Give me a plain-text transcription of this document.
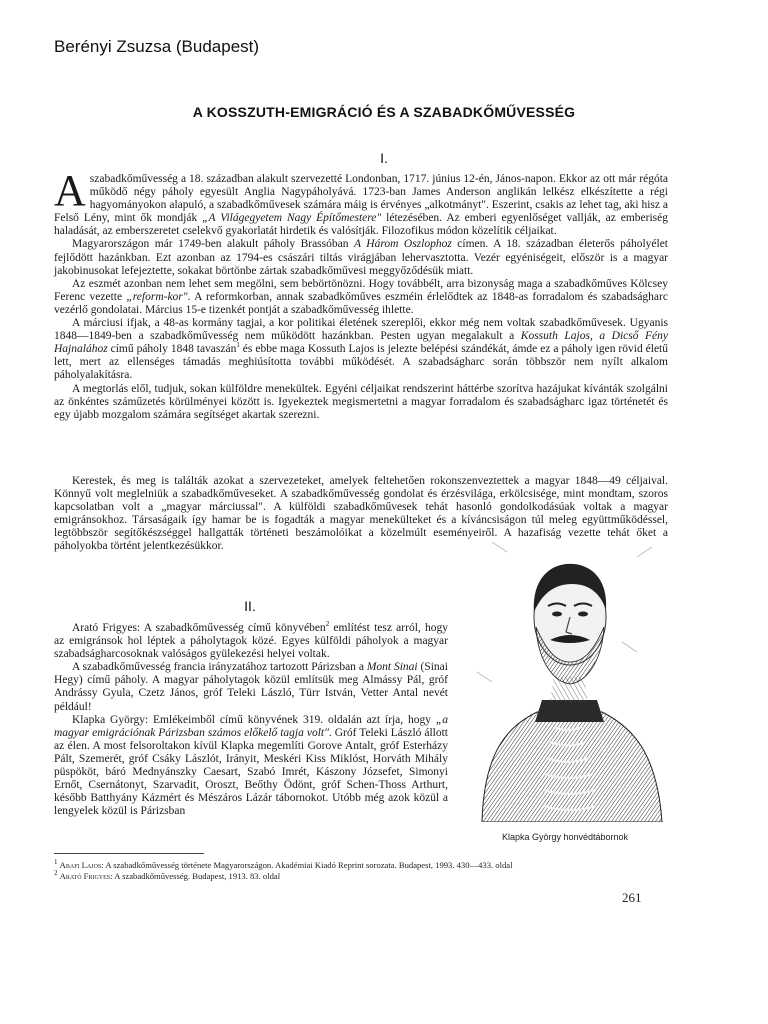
Berényi Zsuzsa (Budapest)
A KOSSZUTH-EMIGRÁCIÓ ÉS A SZABADKŐMŰVESSÉG
I.

A szabadkőművesség a 18. században alakult szervezetté Londonban, 1717. június 12-én, János-napon. Ekkor az ott már régóta működő négy páholy egyesült Anglia Nagypáholyává. 1723-ban James Anderson anglikán lelkész elkészítette a régi hagyományokon alapuló, a szabadkőművesek számára máig is érvényes „alkotmányt". Eszerint, csakis az lehet tag, aki hisz a Felső Lény, mint ők mondják „A Világegyetem Nagy Építőmestere" létezésében. Az emberi egyenlőséget vallják, az emberiség haladását, az emberszeretet cselekvő gyakorlatát hirdetik és valósítják. Filozofikus módon közelítik céljaikat.

Magyarországon már 1749-ben alakult páholy Brassóban A Három Oszlophoz címen. A 18. században életerős páholyélet fejlődött hazánkban. Ezt azonban az 1794-es császári tiltás virágjában lehervasztotta. Vezér egyéniségeit, először is a magyar jakobinusokat lefejeztette, sokakat börtönbe zártak szabadkőművesi meggyőződésük miatt.

Az eszmét azonban nem lehet sem megölni, sem bebörtönözni. Hogy továbbélt, arra bizonyság maga a szabadkőműves Kölcsey Ferenc vezette „reform-kor". A reformkorban, annak szabadkőműves eszméin érlelődtek az 1848-as forradalom és szabadságharc vezérlő gondolatai. Március 15-e tizenkét pontját a szabadkőművesség ihlette.

A márciusi ifjak, a 48-as kormány tagjai, a kor politikai életének szereplői, ekkor még nem voltak szabadkőművesek. Ugyanis 1848—1849-ben a szabadkőművesség nem működött hazánkban. Pesten ugyan megalakult a Kossuth Lajos, a Dicső Fény Hajnalához című páholy 1848 tavaszán$^1$ és ebbe maga Kossuth Lajos is jelezte belépési szándékát, ámde ez a páholy igen rövid életű lett, mert az ellenséges támadás meghiúsította további működését. A szabadságharc során többször nem nyílt alkalom páholyalakításra.

A megtorlás elől, tudjuk, sokan külföldre menekültek. Egyéni céljaikat rendszerint háttérbe szorítva hazájukat kívánták szolgálni az önkéntes száműzetés körülményei között is. Igyekeztek megismertetni a magyar forradalom és szabadságharc igaz történetét és egy újabb mozgalom számára segítséget akartak szerezni.

Kerestek, és meg is találták azokat a szervezeteket, amelyek feltehetően rokonszenveztettek a magyar 1848—49 céljaival. Könnyű volt meglelniük a szabadkőműveseket. A szabadkőművesség gondolat és érzésvilága, erkölcsisége, mint mondtam, szoros kapcsolatban volt a „magyar márciussal". A külföldi szabadkőművesek tehát hasonló gondolkodásúak voltak a magyar emigránsokhoz. Társaságaik így hamar be is fogadták a magyar menekülteket és a kíváncsiságon túl meleg együttműködéssel, legtöbbször segítőkészséggel hallgatták történeti beszámolóikat a közelmúlt eseményeiről. A hazafiság vezette tehát őket a páholyokba történt jelentkezésükkor.

II.

Arató Frigyes: A szabadkőművesség című könyvében$^2$ említést tesz arról, hogy az emigránsok hol léptek a páholytagok közé. Egyes külföldi páholyok a magyar szabadságharcosoknak valóságos gyülekezési helyei voltak.

A szabadkőművesség francia irányzatához tartozott Párizsban a Mont Sinai (Sinai Hegy) című páholy. A magyar páholytagok közül említsük meg Almássy Pál, gróf Andrássy Gyula, Czetz János, gróf Teleki László, Türr István, Vetter Antal nevét például!

Klapka György: Emlékeimből című könyvének 319. oldalán azt írja, hogy „a magyar emigrációnak Párizsban számos előkelő tagja volt". Gróf Teleki László állott az élen. A most felsoroltakon kívül Klapka megemlíti Gorove Antalt, gróf Esterházy Pált, Szemerét, gróf Csáky Lászlót, Irányit, Meskéri Kiss Miklóst, Horváth Mihály püspököt, báró Mednyánszky Caesart, Szabó Imrét, Kászony Józsefet, Simonyi Ernőt, Csernátonyt, Szarvadit, Oroszt, Beőthy Ödönt, gróf Schen-Thoss Arthurt, később Batthyány Kázmért és Mészáros Lázár tábornokot. Utóbb még azok közül a lengyelek közül is Párizsban

Klapka György honvédtábornok
$^1$ Abafi Lajos: A szabadkőművesség története Magyarországon. Akadémiai Kiadó Reprint sorozata. Budapest, 1993. 430—433. oldal
$^2$ Arató Frigyes: A szabadkőművesség. Budapest, 1913. 83. oldal
261
